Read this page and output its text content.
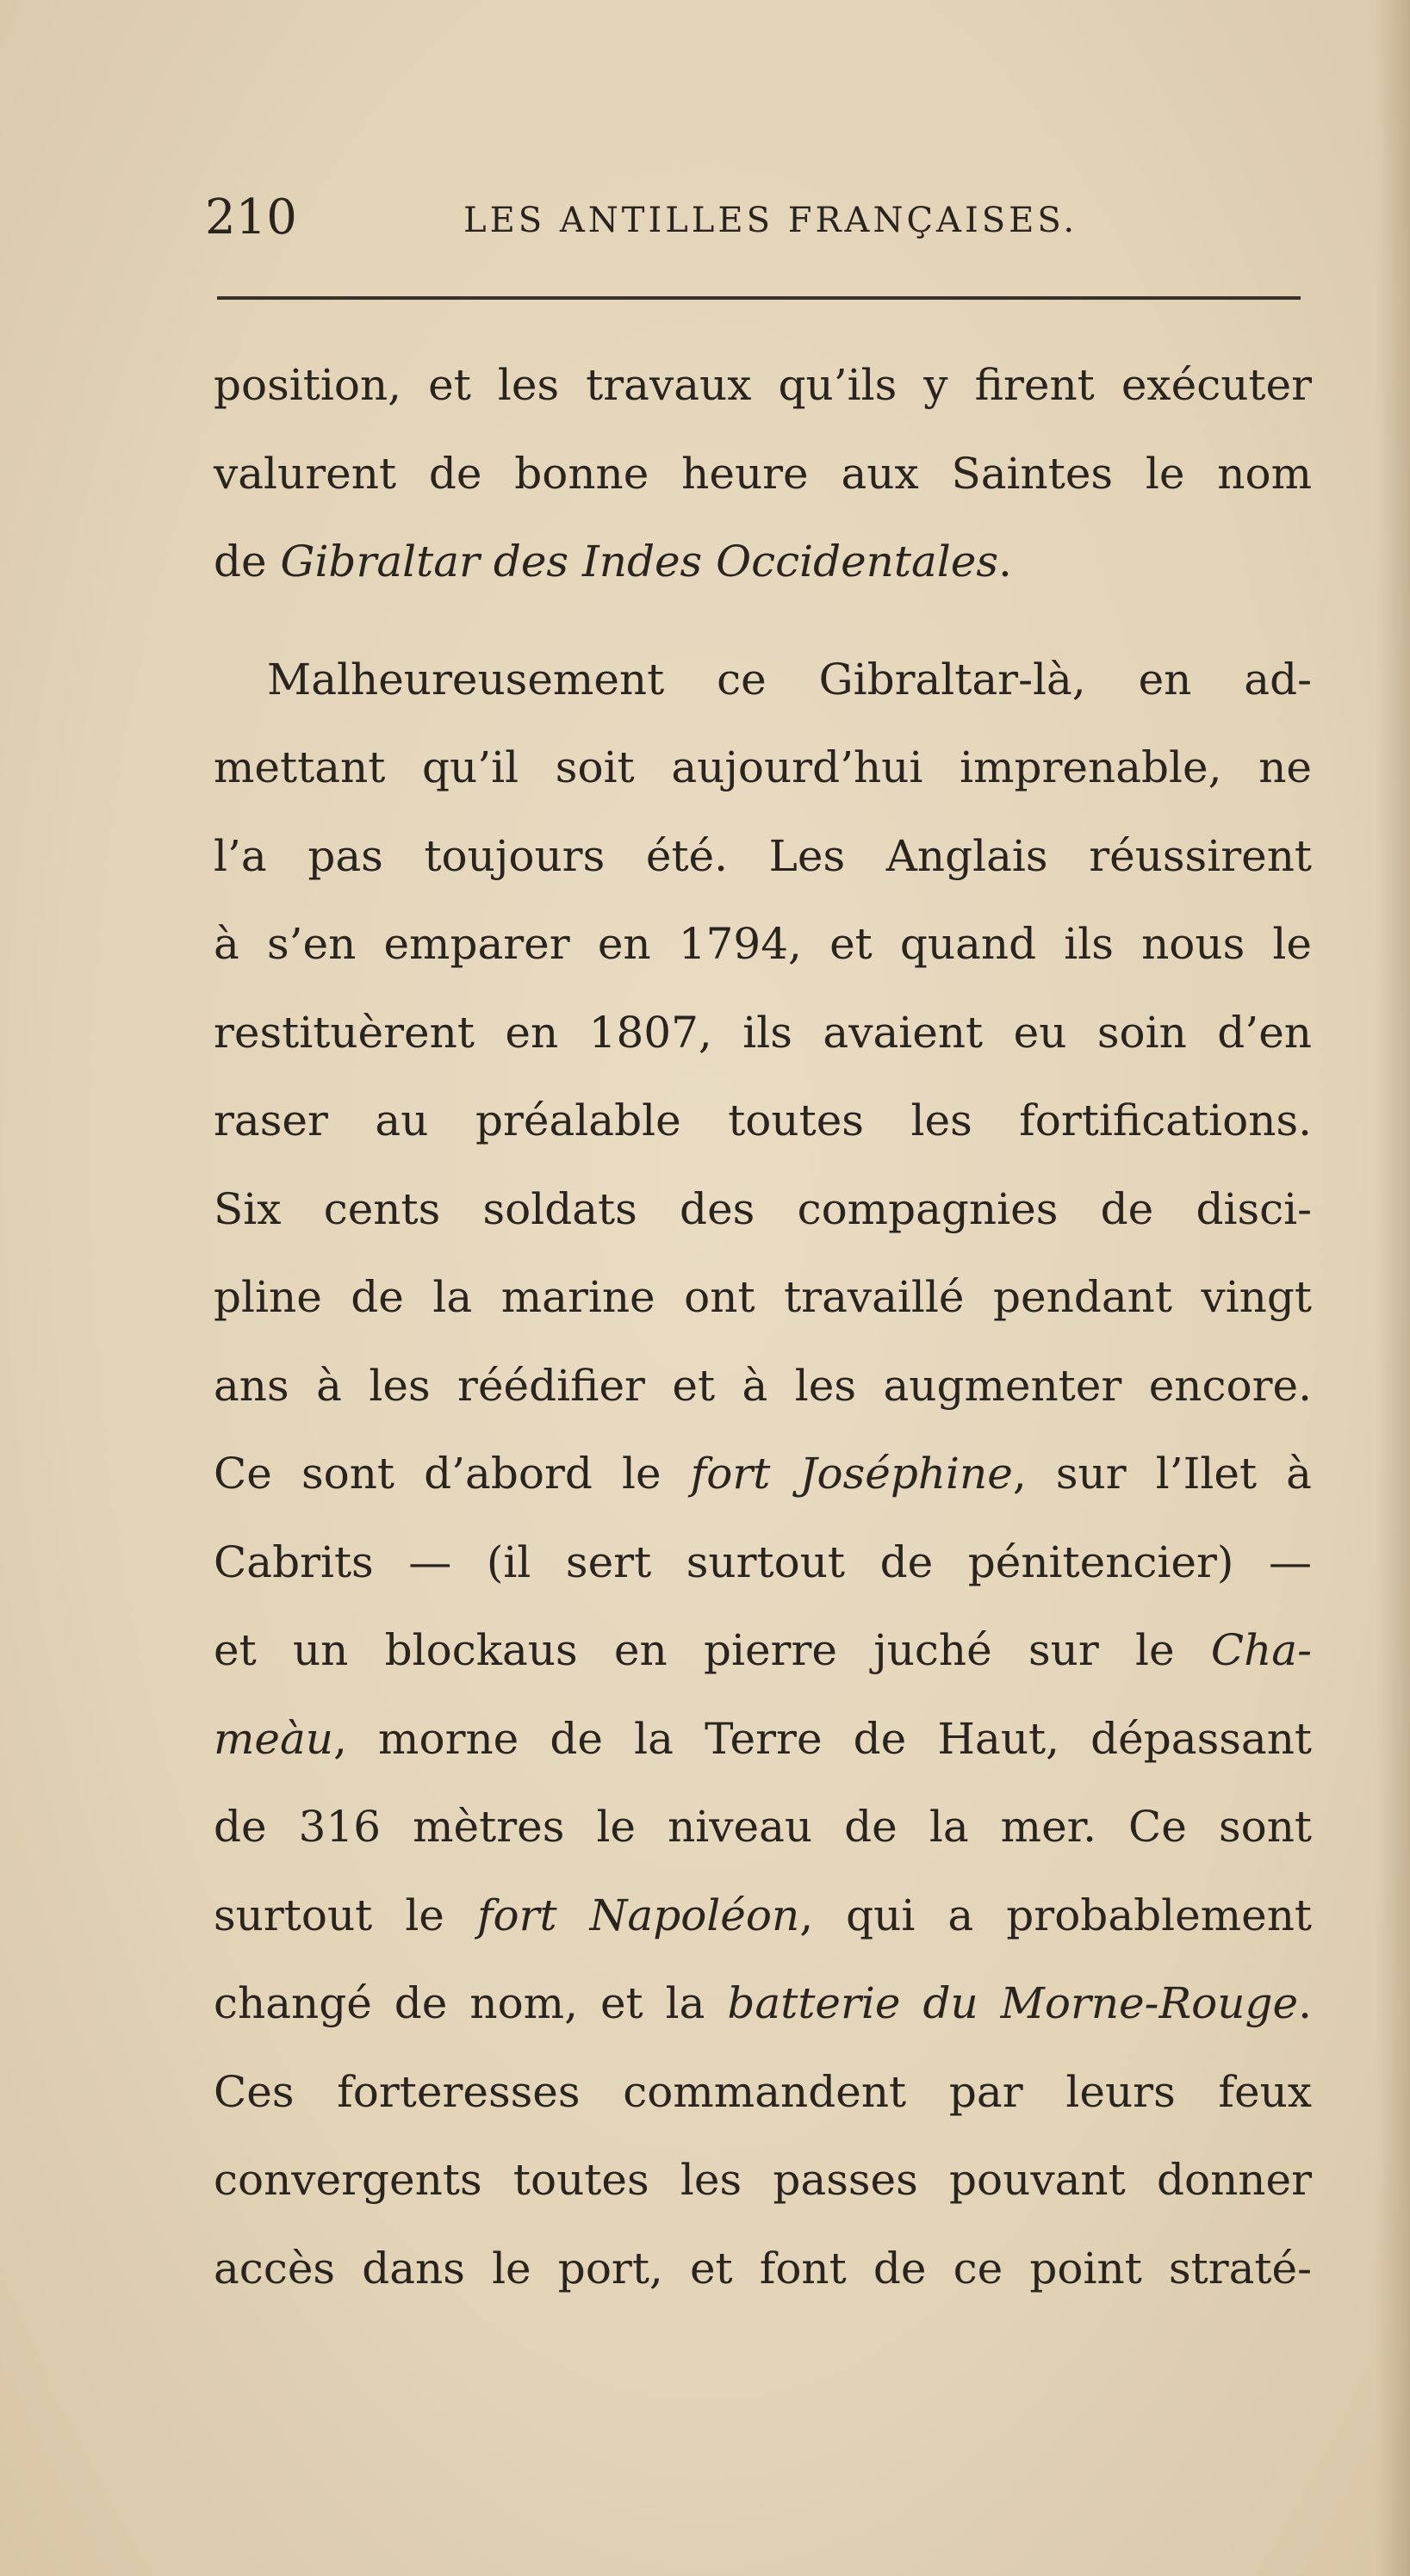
210	LES ANTILLES FRANÇAISES.
position, et les travaux qu’ils y firent exécuter
valurent de bonne heure aux Saintes le nom
de Gibraltar des Indes Occidentales.
Malheureusement ce Gibraltar-là, en ad-
mettant qu’il soit aujourd’hui imprenable, ne
l’a pas toujours été. Les Anglais réussirent
à s’en emparer en 1794, et quand ils nous le
restituèrent en 1807, ils avaient eu soin d’en
raser au préalable toutes les fortifications.
Six cents soldats des compagnies de disci-
pline de la marine ont travaillé pendant vingt
ans à les réédifier et à les augmenter encore.
Ce sont d’abord le fort Joséphine, sur l’Ilet à
Cabrits — (il sert surtout de pénitencier) —
et un blockaus en pierre juché sur le Cha-
meàu, morne de la Terre de Haut, dépassant
de 316 mètres le niveau de la mer. Ce sont
surtout le fort Napoléon, qui a probablement
changé de nom, et la batterie du Morne-Rouge.
Ces forteresses commandent par leurs feux
convergents toutes les passes pouvant donner
accès dans le port, et font de ce point straté-
